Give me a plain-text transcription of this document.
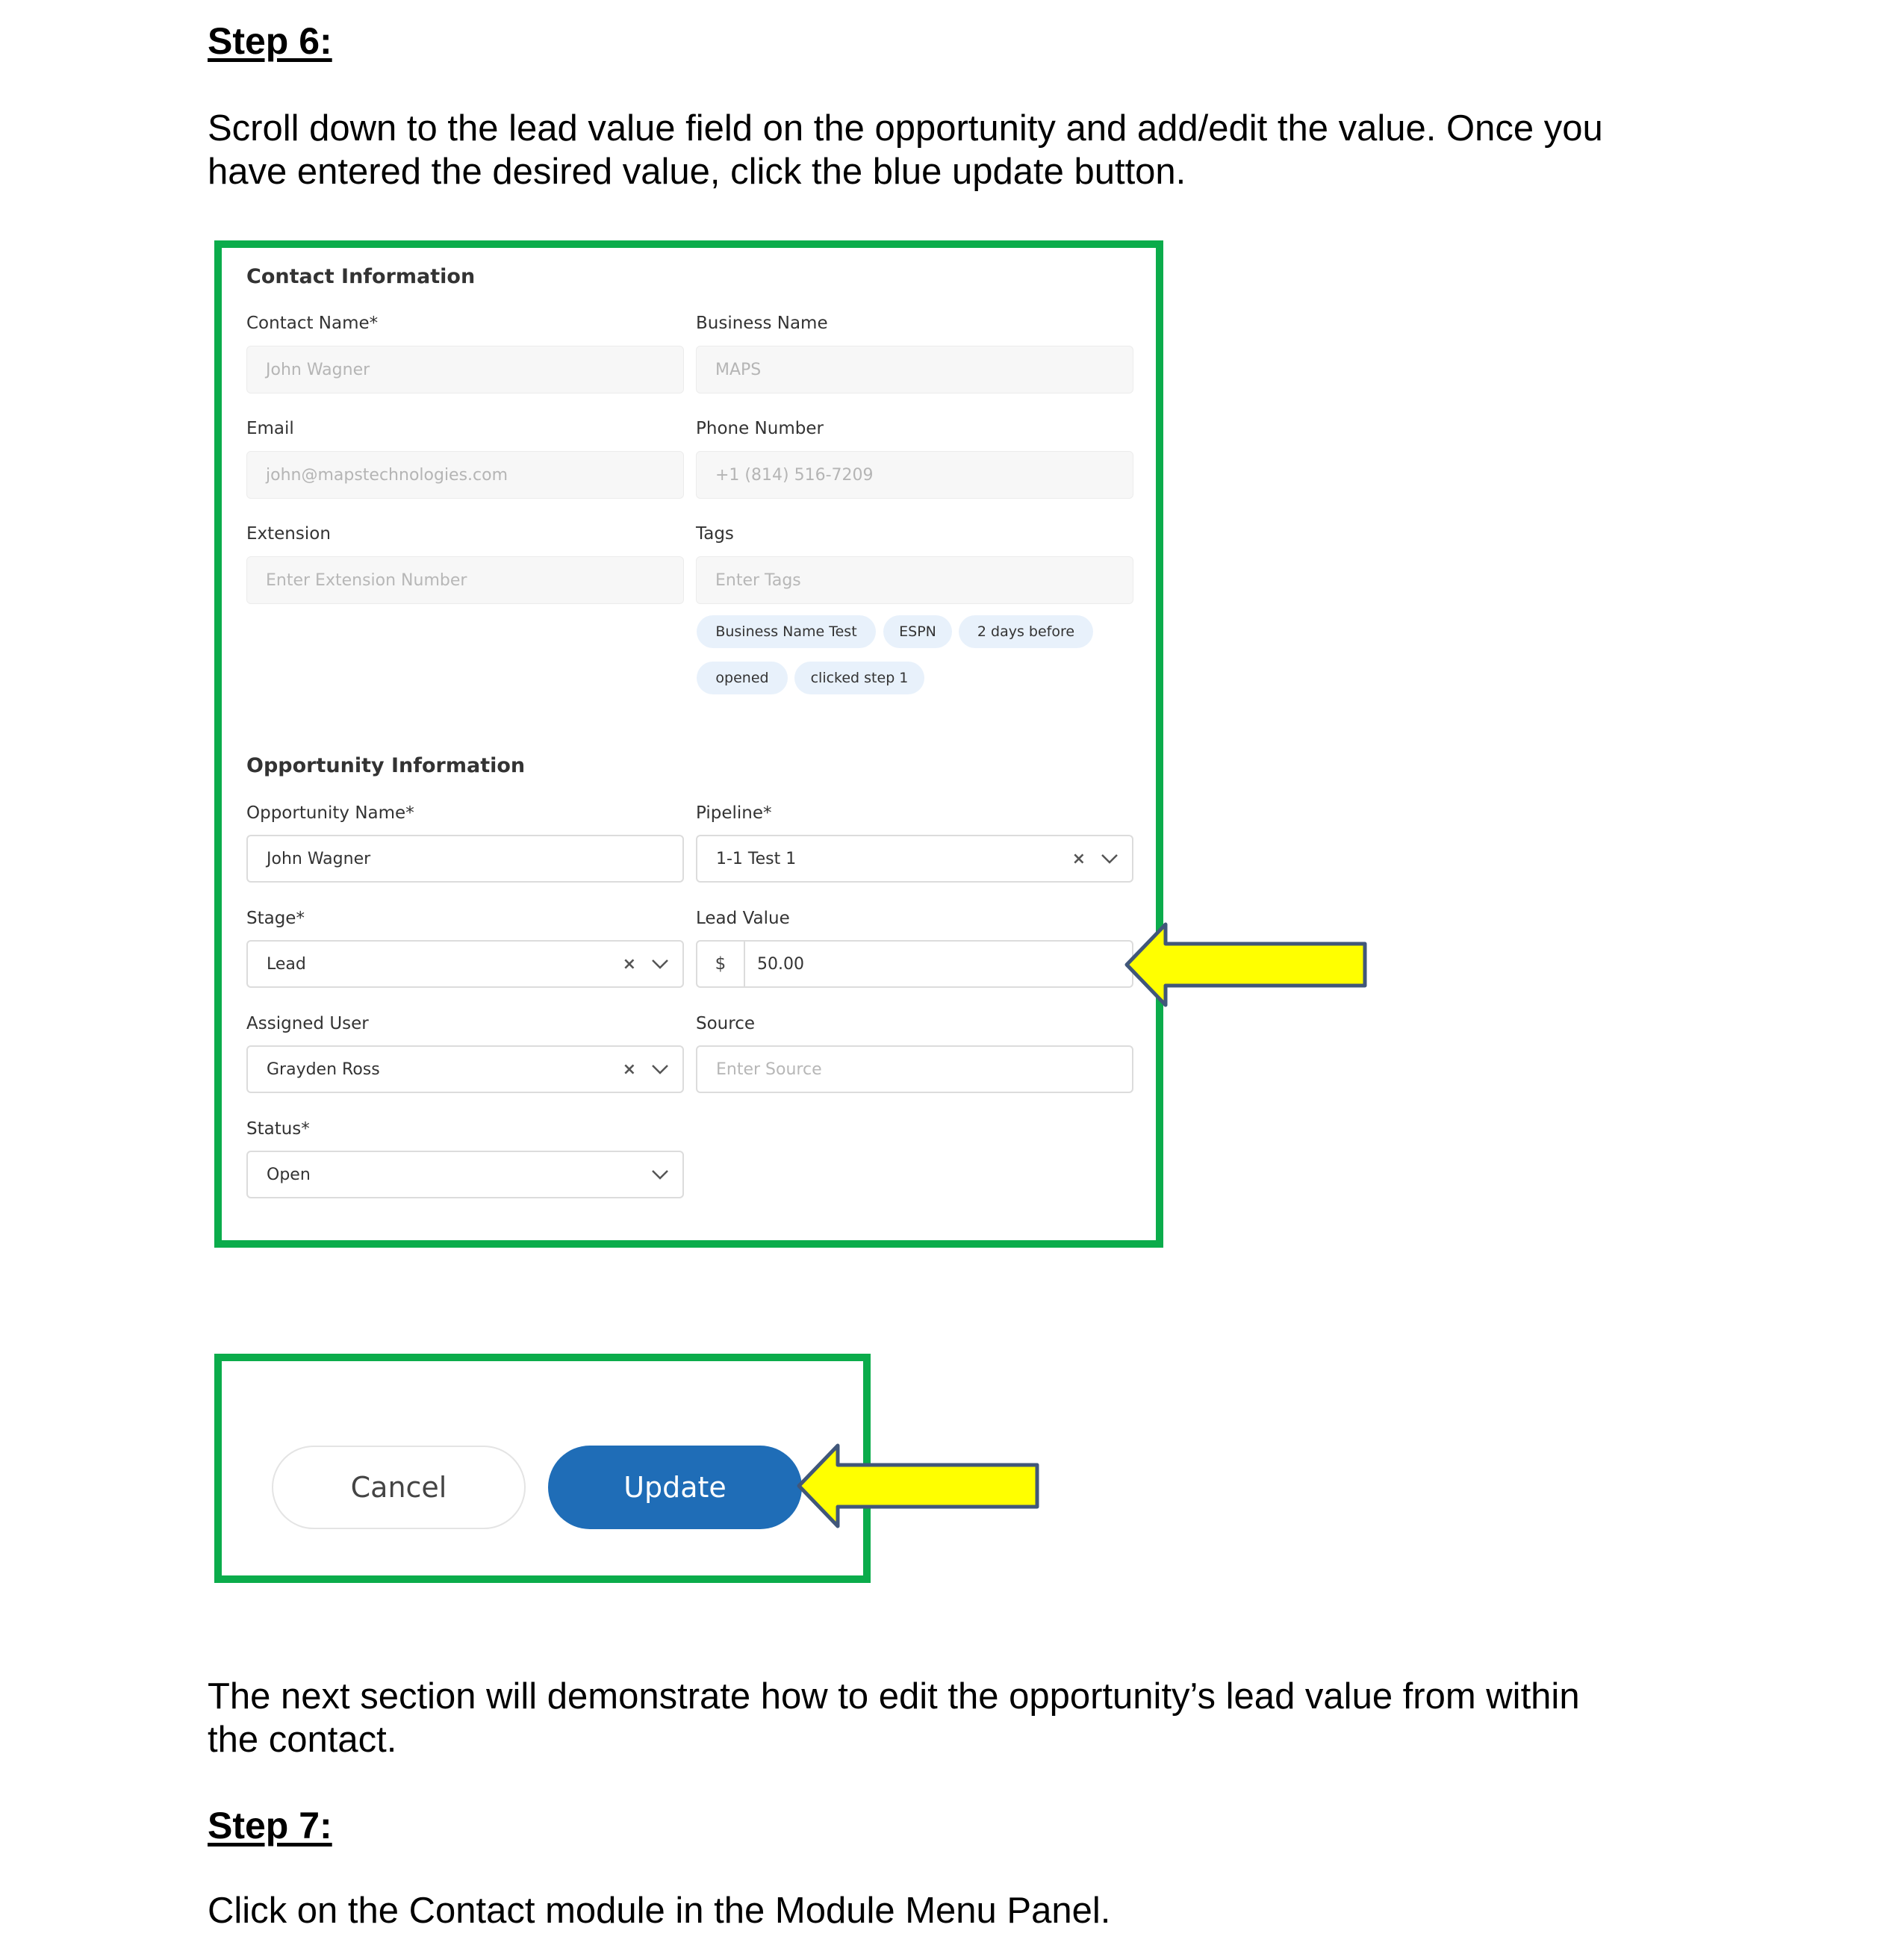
Step 6:

Scroll down to the lead value field on the opportunity and add/edit the value. Once you

have entered the desired value, click the blue update button.

Contact Information
Contact Name*
John Wagner
Business Name
MAPS
Email
john@mapstechnologies.com
Phone Number
+1 (814) 516-7209
Extension
Enter Extension Number
Tags
Enter Tags
Business Name Test	ESPN	2 days before
opened	clicked step 1
Opportunity Information
Opportunity Name*
John Wagner
Pipeline*
1-1 Test 1	×
Stage*
Lead	×
Lead Value
$	50.00
Assigned User
Grayden Ross	×
Source
Enter Source
Status*
Open
Cancel	Update

The next section will demonstrate how to edit the opportunity’s lead value from within

the contact.

Step 7:

Click on the Contact module in the Module Menu Panel.
